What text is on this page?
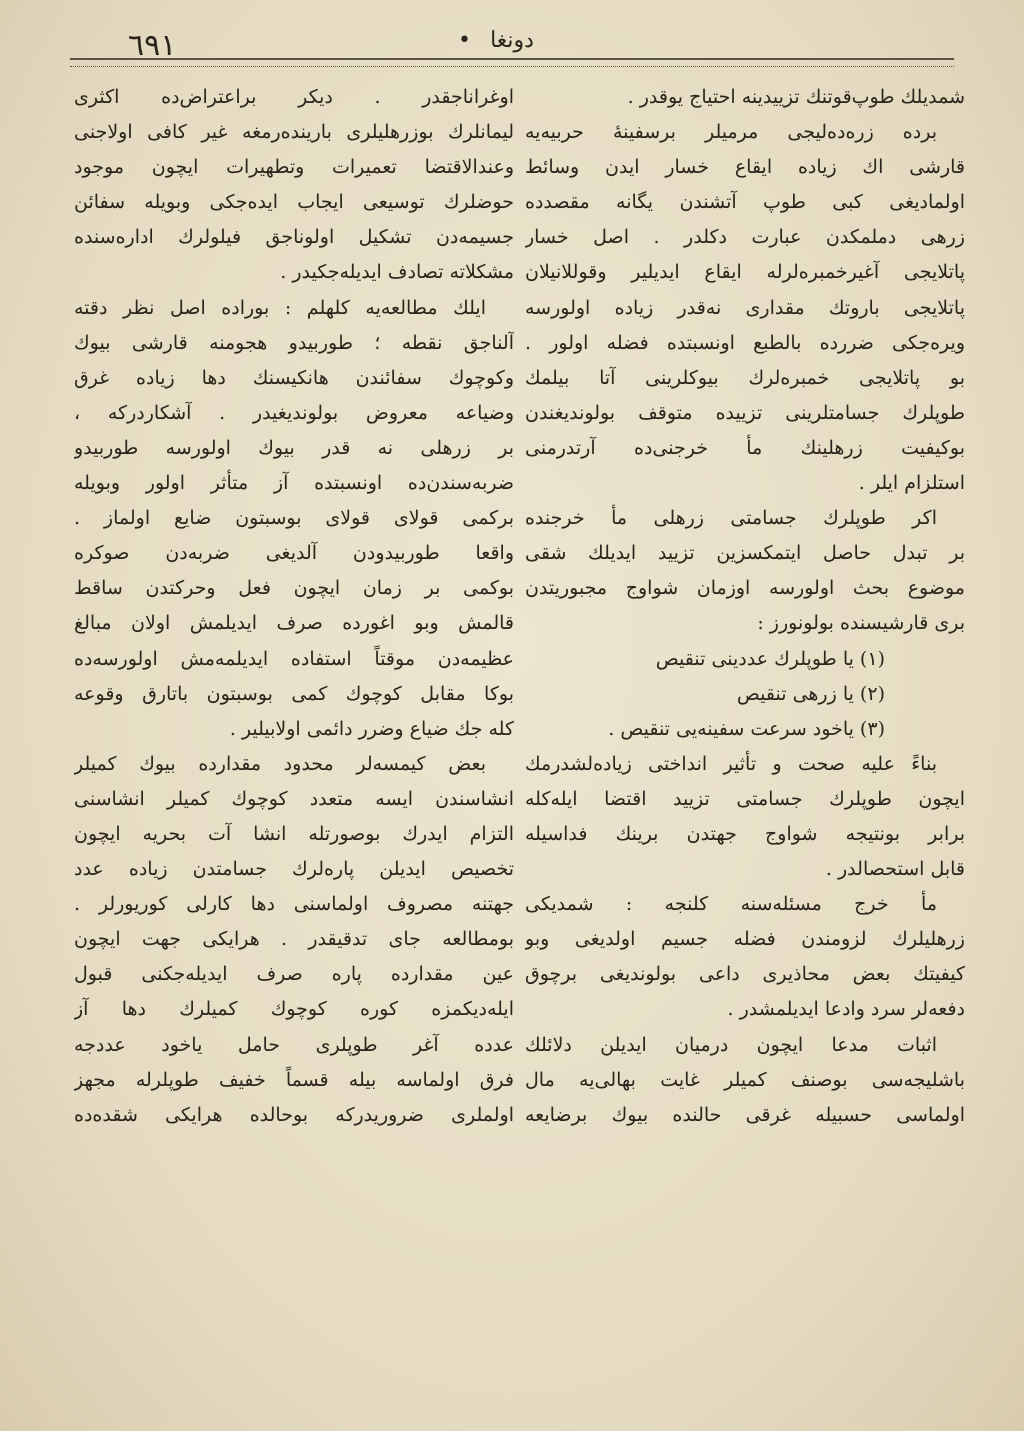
٦٩١	• دونغا
شمدیلك طوپ‌قوتنك تزییدینه احتیاج یوقدر .
برده زره‌ده‌لیجی مرمیلر برسفینهٔ حربیه‌یه
قارشی اك زیاده ایقاع خسار ایدن وسائط
اولمادیغی کبی طوپ آتشندن یگانه مقصدده
زرهی دملمکدن عبارت دکلدر . اصل خسار
پاتلایجی آغیرخمبره‌لرله ایقاع ایدیلیر وقوللانیلان
پاتلایجی باروتك مقداری نه‌قدر زیاده اولورسه
ویره‌جکی ضررده بالطبع اونسبتده فضله اولور .
بو پاتلایجی خمبره‌لرك بیوكلرینی آتا بیلمك
طوپلرك جسامتلرینی تزییده متوقف بولوندیغندن
بوكیفیت زرهلینك مأ خرجنی‌ده آرتدرمنی
استلزام ایلر .
اكر طوپلرك جسامتی زرهلی مأ خرجنده
بر تبدل حاصل ایتمکسزین تزیید ایدیلك شقی
موضوع بحث اولورسه اوزمان شواوج مجبوریتدن
بری قارشیسنده بولونورز :
(۱) یا طوپلرك عددینی تنقیص
(۲) یا زرهی تنقیص
(۳) یاخود سرعت سفینه‌یی تنقیص .
بناءً علیه صحت و تأثیر انداختی زیاده‌لشدرمك
ایچون طوپلرك جسامتی تزیید اقتضا ایله‌كله
برابر بونتیجه شواوج جهتدن برینك فداسیله
قابل استحصالدر .
مأ خرج مسئله‌سنه کلنجه : شمدیکی
زرهلیلرك لزومندن فضله جسیم اولدیغی وبو
کیفیتك بعض محاذیری داعی بولوندیغی برچوق
دفعه‌لر سرد وادعا ایدیلمشدر .
اثبات مدعا ایچون درمیان ایدیلن دلائلك
باشلیجه‌سی بوصنف کمیلر غایت بهالی‌یه مال
اولماسی حسبیله غرقی حالنده بیوك برضایعه
اوغراناجقدر . دیکر براعتراض‌ده اکثری
لیمانلرك بوزرهلیلری بارینده‌رمغه غیر کافی اولاجنی
وعندالاقتضا تعمیرات وتطهیرات ایچون موجود
حوضلرك توسیعی ایجاب ایده‌جکی وبویله سفائن
جسیمه‌دن تشکیل اولوناجق فیلولرك اداره‌سنده
مشکلاته تصادف ایدیله‌جکیدر .
ایلك مطالعه‌یه کلهلم : بوراده اصل نظر دقته
آلناجق نقطه ؛ طوربیدو هجومنه قارشی بیوك
وكوچوك سفائندن هانکیسنك دها زیاده غرق
وضیاعه معروض بولوندیغیدر . آشکاردرکه ،
بر زرهلی نه قدر بیوك اولورسه طوربیدو
ضربه‌سندن‌ده اونسبتده آز متأثر اولور وبویله
برکمی قولای قولای بوسبتون ضایع اولماز .
واقعا طوربیدودن آلدیغی ضربه‌دن صوكره
بوکمی بر زمان ایچون فعل وحرکتدن ساقط
قالمش وبو اغورده صرف ایدیلمش اولان مبالغ
عظیمه‌دن موقتاً استفاده ایدیلمه‌مش اولورسه‌ده
بوكا مقابل كوچوك کمی بوسبتون باتارق وقوعه
کله جك ضیاع وضرر دائمی اولابیلیر .
بعض کیمسه‌لر محدود مقدارده بیوك کمیلر
انشاسندن ایسه متعدد كوچوك کمیلر انشاسنی
التزام ایدرك بوصورتله انشا آت بحریه ایچون
تخصیص ایدیلن پاره‌لرك جسامتدن زیاده عدد
جهتنه مصروف اولماسنی دها کارلی کوریورلر .
بومطالعه جای تدقیقدر . هرایکی جهت ایچون
عین مقدارده پاره صرف ایدیله‌جکنی قبول
ایله‌دیکمزه کوره كوچوك کمیلرك دها آز
عدده آغر طوپلری حامل یاخود عددجه
فرق اولماسه بیله قسماً خفیف طوپلرله مجهز
اولملری ضروریدرکه بوحالده هرایکی شقده‌ده
